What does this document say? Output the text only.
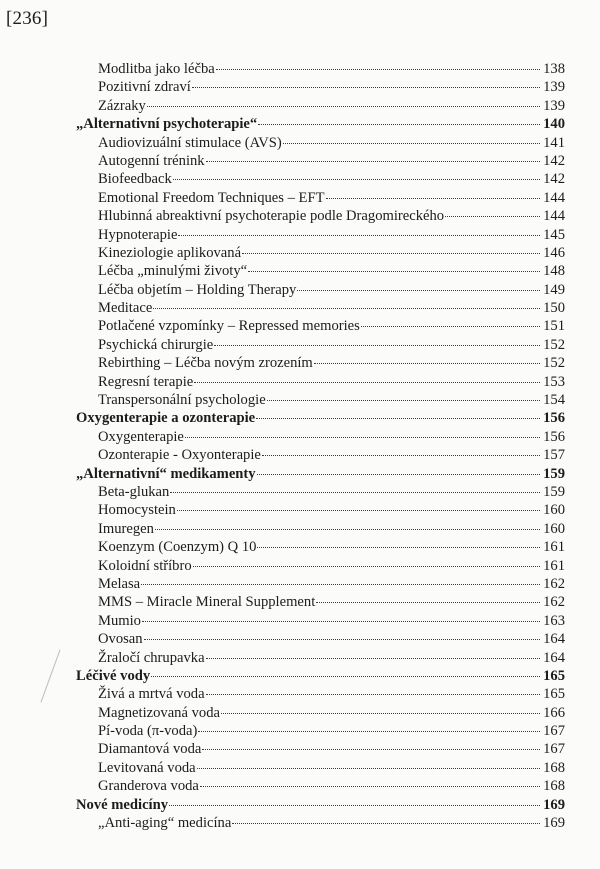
[236]
Modlitba jako léčba	138
Pozitivní zdraví	139
Zázraky	139
„Alternativní psychoterapie“	140
Audiovizuální stimulace (AVS)	141
Autogenní trénink	142
Biofeedback	142
Emotional Freedom Techniques – EFT	144
Hlubinná abreaktivní psychoterapie podle Dragomireckého	144
Hypnoterapie	145
Kineziologie aplikovaná	146
Léčba „minulými životy“	148
Léčba objetím – Holding Therapy	149
Meditace	150
Potlačené vzpomínky – Repressed memories	151
Psychická chirurgie	152
Rebirthing – Léčba novým zrozením	152
Regresní terapie	153
Transpersonální psychologie	154
Oxygenterapie a ozonterapie	156
Oxygenterapie	156
Ozonterapie - Oxyonterapie	157
„Alternativní“ medikamenty	159
Beta-glukan	159
Homocystein	160
Imuregen	160
Koenzym (Coenzym) Q 10	161
Koloidní stříbro	161
Melasa	162
MMS – Miracle Mineral Supplement	162
Mumio	163
Ovosan	164
Žraločí chrupavka	164
Léčivé vody	165
Živá a mrtvá voda	165
Magnetizovaná voda	166
Pí-voda (π-voda)	167
Diamantová voda	167
Levitovaná voda	168
Granderova voda	168
Nové medicíny	169
„Anti-aging“ medicína	169
